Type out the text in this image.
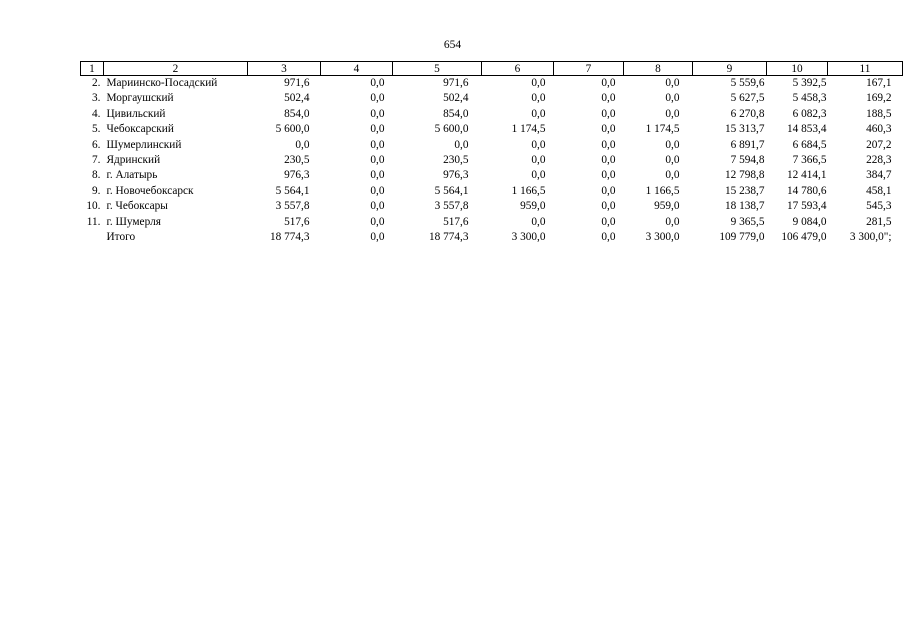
654
1	2	3	4	5	6	7	8	9	10	11
2.	Мариинско-Посадский	971,6	0,0	971,6	0,0	0,0	0,0	5 559,6	5 392,5	167,1
3.	Моргаушский	502,4	0,0	502,4	0,0	0,0	0,0	5 627,5	5 458,3	169,2
4.	Цивильский	854,0	0,0	854,0	0,0	0,0	0,0	6 270,8	6 082,3	188,5
5.	Чебоксарский	5 600,0	0,0	5 600,0	1 174,5	0,0	1 174,5	15 313,7	14 853,4	460,3
6.	Шумерлинский	0,0	0,0	0,0	0,0	0,0	0,0	6 891,7	6 684,5	207,2
7.	Ядринский	230,5	0,0	230,5	0,0	0,0	0,0	7 594,8	7 366,5	228,3
8.	г. Алатырь	976,3	0,0	976,3	0,0	0,0	0,0	12 798,8	12 414,1	384,7
9.	г. Новочебоксарск	5 564,1	0,0	5 564,1	1 166,5	0,0	1 166,5	15 238,7	14 780,6	458,1
10.	г. Чебоксары	3 557,8	0,0	3 557,8	959,0	0,0	959,0	18 138,7	17 593,4	545,3
11.	г. Шумерля	517,6	0,0	517,6	0,0	0,0	0,0	9 365,5	9 084,0	281,5
	Итого	18 774,3	0,0	18 774,3	3 300,0	0,0	3 300,0	109 779,0	106 479,0	3 300,0";
